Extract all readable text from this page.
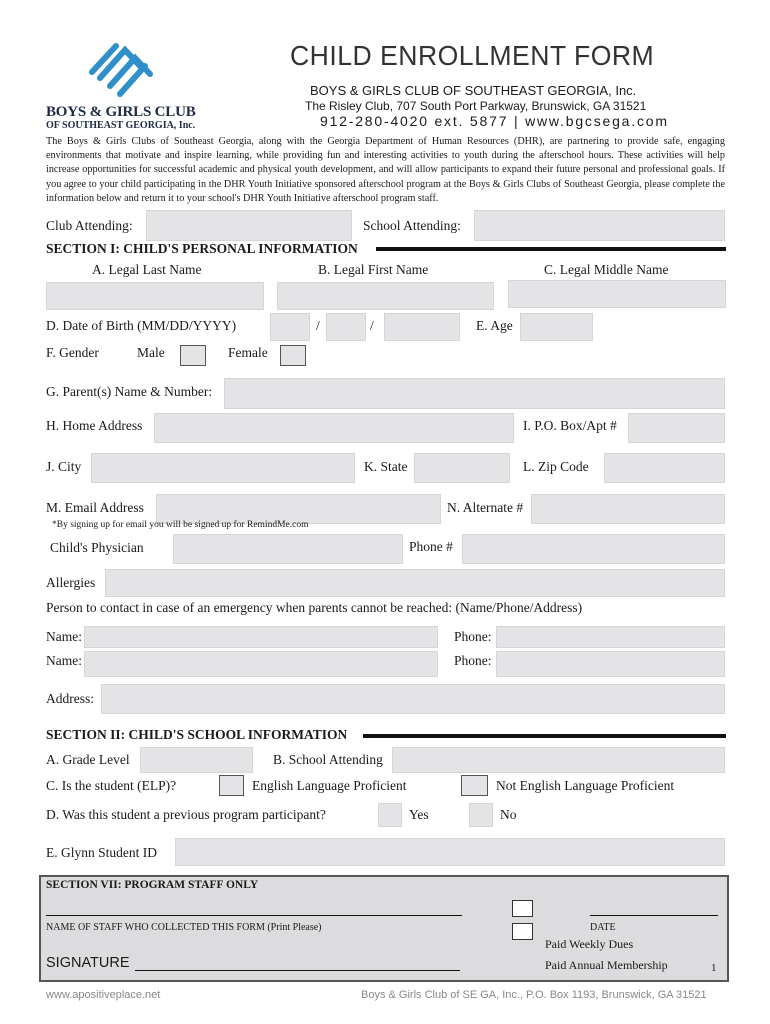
BOYS & GIRLS CLUB
OF SOUTHEAST GEORGIA, Inc.
CHILD ENROLLMENT FORM
BOYS & GIRLS CLUB OF SOUTHEAST GEORGIA, Inc.
The Risley Club, 707 South Port Parkway, Brunswick, GA 31521
912-280-4020 ext. 5877 | www.bgcsega.com
The Boys & Girls Clubs of Southeast Georgia, along with the Georgia Department of Human Resources (DHR), are partnering to provide safe, engaging environments that motivate and inspire learning, while providing fun and interesting activities to youth during the afterschool hours. These activities will help increase opportunities for successful academic and physical youth development, and will allow participants to expand their future personal and professional goals. If you agree to your child participating in the DHR Youth Initiative sponsored afterschool program at the Boys & Girls Clubs of Southeast Georgia, please complete the information below and return it to your school's DHR Youth Initiative afterschool program staff.
Club Attending:	School Attending:
SECTION I: CHILD'S PERSONAL INFORMATION
A. Legal Last Name	B. Legal First Name	C. Legal Middle Name
D. Date of Birth (MM/DD/YYYY)	/	/	E. Age
F. Gender	Male	Female
G. Parent(s) Name & Number:
H. Home Address	I. P.O. Box/Apt #
J. City	K. State	L. Zip Code
M. Email Address	N. Alternate #
*By signing up for email you will be signed up for RemindMe.com
Child's Physician	Phone #
Allergies
Person to contact in case of an emergency when parents cannot be reached: (Name/Phone/Address)
Name:	Phone:
Name:	Phone:
Address:
SECTION II: CHILD'S SCHOOL INFORMATION
A. Grade Level	B. School Attending
C. Is the student (ELP)?	English Language Proficient	Not English Language Proficient
D. Was this student a previous program participant?	Yes	No
E. Glynn Student ID
SECTION VII: PROGRAM STAFF ONLY
NAME OF STAFF WHO COLLECTED THIS FORM (Print Please)	DATE
Paid Weekly Dues
SIGNATURE	Paid Annual Membership	1
www.apositiveplace.net	Boys & Girls Club of SE GA, Inc., P.O. Box 1193, Brunswick, GA 31521
